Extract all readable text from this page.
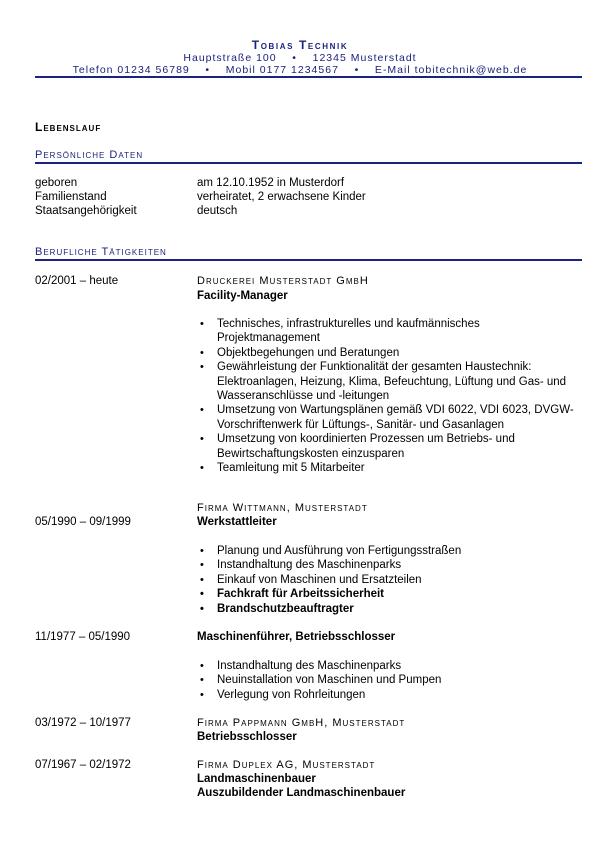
Tobias Technik
Hauptstraße 100    •    12345 Musterstadt
Telefon 01234 56789    •    Mobil 0177 1234567    •    E-Mail tobitechnik@web.de
Lebenslauf
Persönliche Daten
geboren	am 12.10.1952 in Musterdorf
Familienstand	verheiratet, 2 erwachsene Kinder
Staatsangehörigkeit	deutsch
Berufliche Tätigkeiten
02/2001 – heute	Druckerei Musterstadt GmbH
Facility-Manager
• Technisches, infrastrukturelles und kaufmännisches Projektmanagement
• Objektbegehungen und Beratungen
• Gewährleistung der Funktionalität der gesamten Haustechnik: Elektroanlagen, Heizung, Klima, Befeuchtung, Lüftung und Gas- und Wasseranschlüsse und -leitungen
• Umsetzung von Wartungsplänen gemäß VDI 6022, VDI 6023, DVGW-Vorschriftenwerk für Lüftungs-, Sanitär- und Gasanlagen
• Umsetzung von koordinierten Prozessen um Betriebs- und Bewirtschaftungskosten einzusparen
• Teamleitung mit 5 Mitarbeiter
Firma Wittmann, Musterstadt
05/1990 – 09/1999	Werkstattleiter
• Planung und Ausführung von Fertigungsstraßen
• Instandhaltung des Maschinenparks
• Einkauf von Maschinen und Ersatzteilen
• Fachkraft für Arbeitssicherheit
• Brandschutzbeauftragter
11/1977 – 05/1990	Maschinenführer, Betriebsschlosser
• Instandhaltung des Maschinenparks
• Neuinstallation von Maschinen und Pumpen
• Verlegung von Rohrleitungen
03/1972 – 10/1977	Firma Pappmann GmbH, Musterstadt
Betriebsschlosser
07/1967 – 02/1972	Firma Duplex AG, Musterstadt
Landmaschinenbauer
Auszubildender Landmaschinenbauer
